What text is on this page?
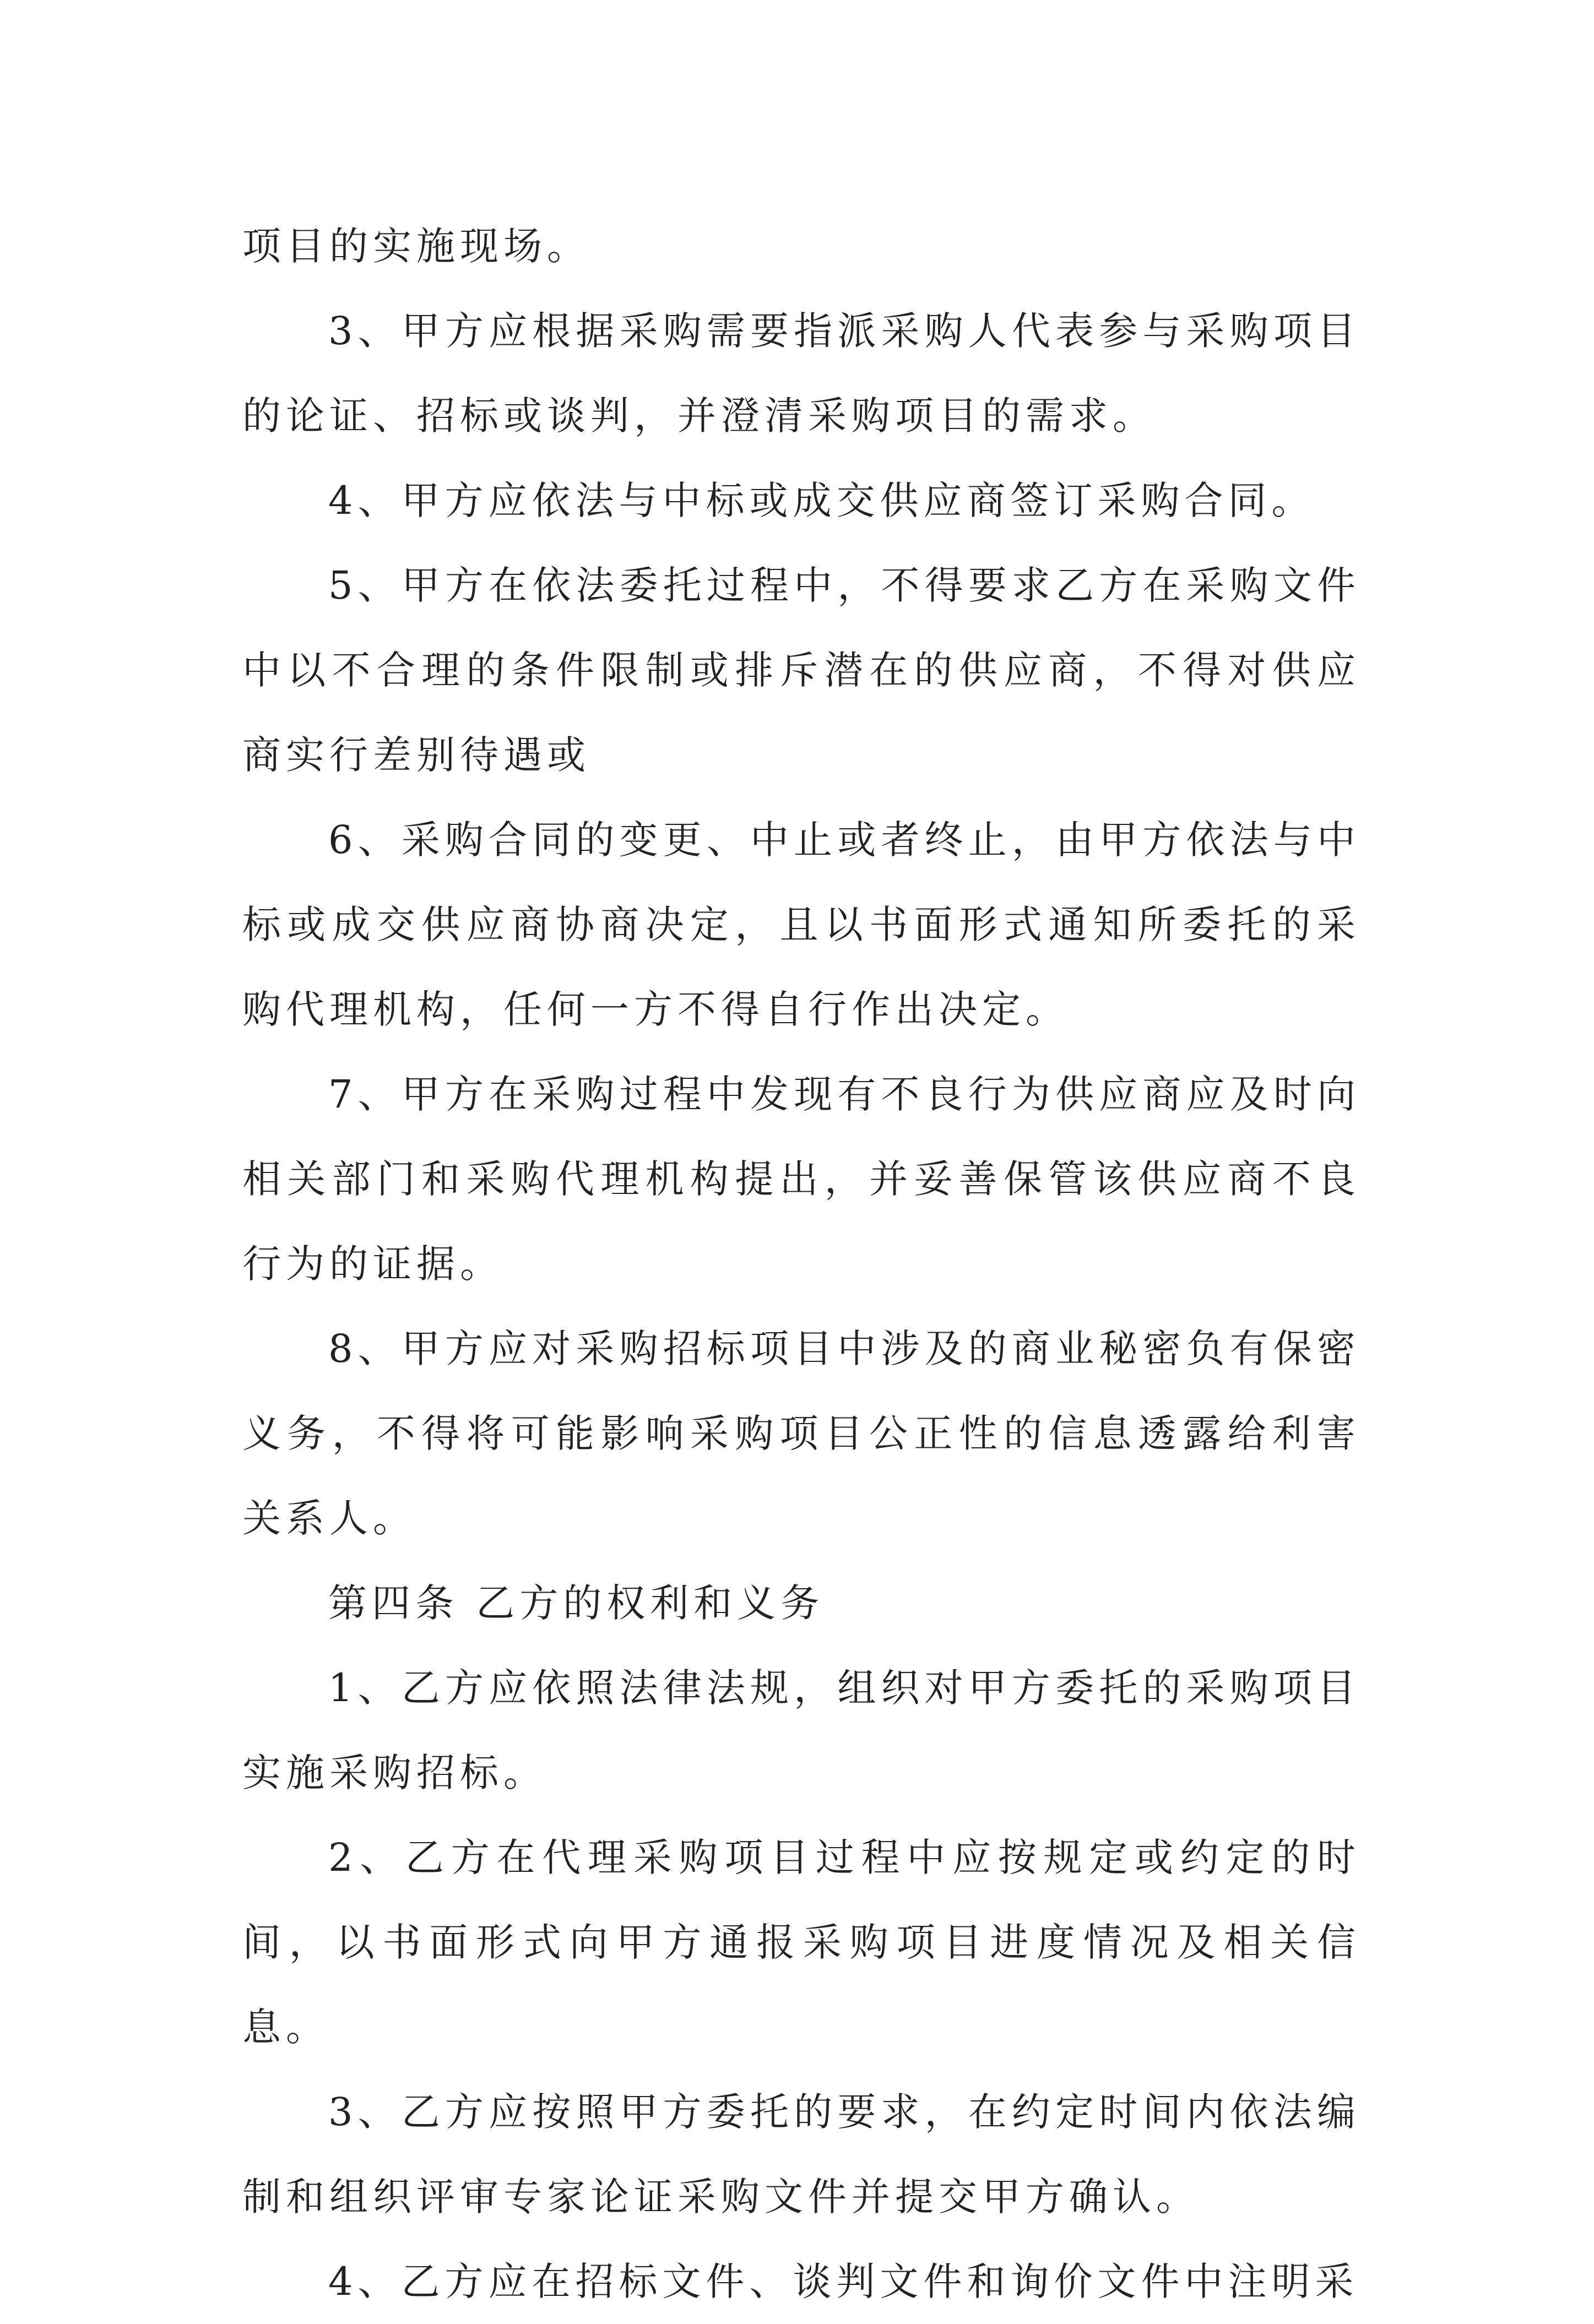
项目的实施现场。

3、甲方应根据采购需要指派采购人代表参与采购项目的论证、招标或谈判，并澄清采购项目的需求。

4、甲方应依法与中标或成交供应商签订采购合同。

5、甲方在依法委托过程中，不得要求乙方在采购文件中以不合理的条件限制或排斥潜在的供应商，不得对供应商实行差别待遇或

6、采购合同的变更、中止或者终止，由甲方依法与中标或成交供应商协商决定，且以书面形式通知所委托的采购代理机构，任何一方不得自行作出决定。

7、甲方在采购过程中发现有不良行为供应商应及时向相关部门和采购代理机构提出，并妥善保管该供应商不良行为的证据。

8、甲方应对采购招标项目中涉及的商业秘密负有保密义务，不得将可能影响采购项目公正性的信息透露给利害关系人。

第四条 乙方的权利和义务

1、乙方应依照法律法规，组织对甲方委托的采购项目实施采购招标。

2、乙方在代理采购项目过程中应按规定或约定的时间，以书面形式向甲方通报采购项目进度情况及相关信息。

3、乙方应按照甲方委托的要求，在约定时间内依法编制和组织评审专家论证采购文件并提交甲方确认。

4、乙方应在招标文件、谈判文件和询价文件中注明采
